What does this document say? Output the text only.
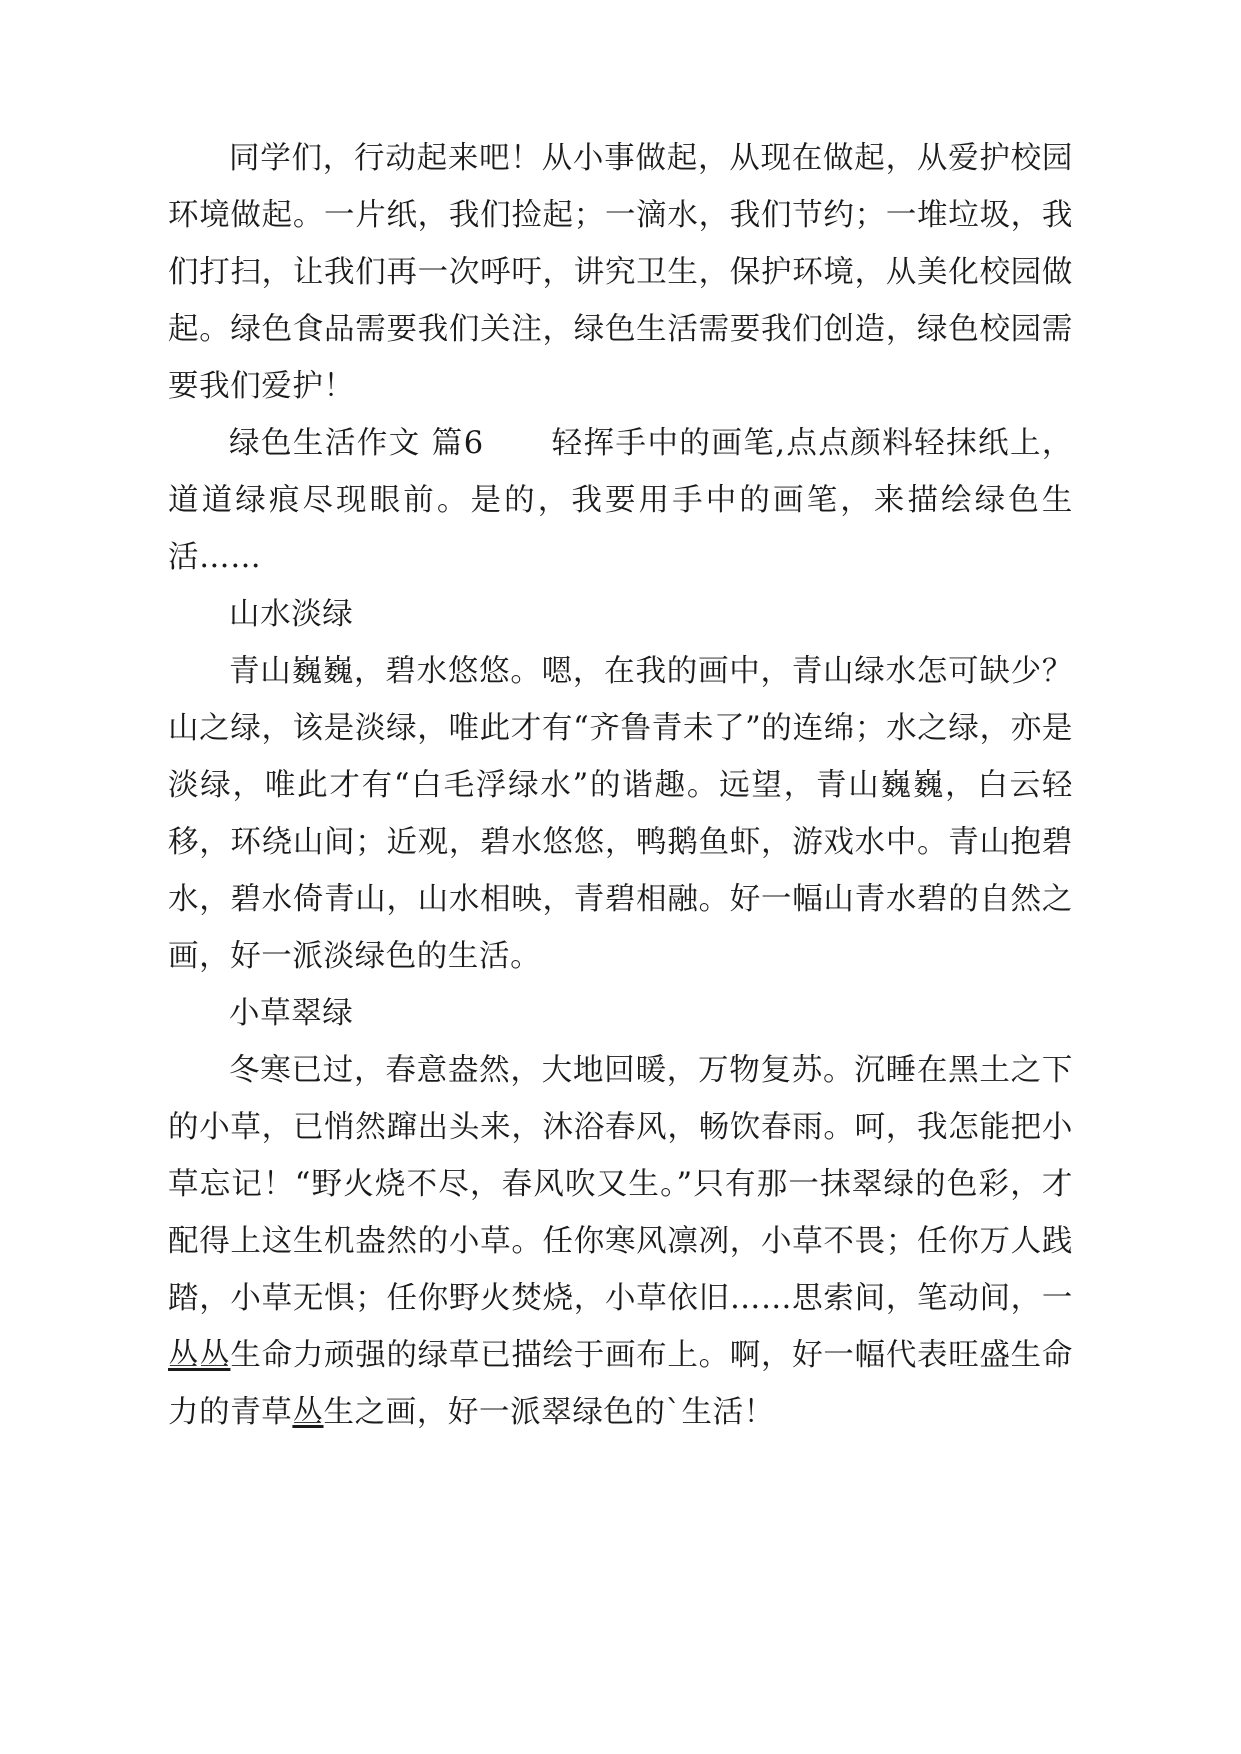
同学们，行动起来吧！从小事做起，从现在做起，从爱护校园环境做起。一片纸，我们捡起；一滴水，我们节约；一堆垃圾，我们打扫，让我们再一次呼吁，讲究卫生，保护环境，从美化校园做起。绿色食品需要我们关注，绿色生活需要我们创造，绿色校园需要我们爱护！

绿色生活作文 篇6 轻挥手中的画笔,点点颜料轻抹纸上，道道绿痕尽现眼前。是的，我要用手中的画笔，来描绘绿色生活……

山水淡绿

青山巍巍，碧水悠悠。嗯，在我的画中，青山绿水怎可缺少？山之绿，该是淡绿，唯此才有“齐鲁青未了”的连绵；水之绿，亦是淡绿，唯此才有“白毛浮绿水”的谐趣。远望，青山巍巍，白云轻移，环绕山间；近观，碧水悠悠，鸭鹅鱼虾，游戏水中。青山抱碧水，碧水倚青山，山水相映，青碧相融。好一幅山青水碧的自然之画，好一派淡绿色的生活。

小草翠绿

冬寒已过，春意盎然，大地回暖，万物复苏。沉睡在黑土之下的小草，已悄然蹿出头来，沐浴春风，畅饮春雨。呵，我怎能把小草忘记！“野火烧不尽，春风吹又生。”只有那一抹翠绿的色彩，才配得上这生机盎然的小草。任你寒风凛冽，小草不畏；任你万人践踏，小草无惧；任你野火焚烧，小草依旧……思索间，笔动间，一丛丛生命力顽强的绿草已描绘于画布上。啊，好一幅代表旺盛生命力的青草丛生之画，好一派翠绿色的`生活！
